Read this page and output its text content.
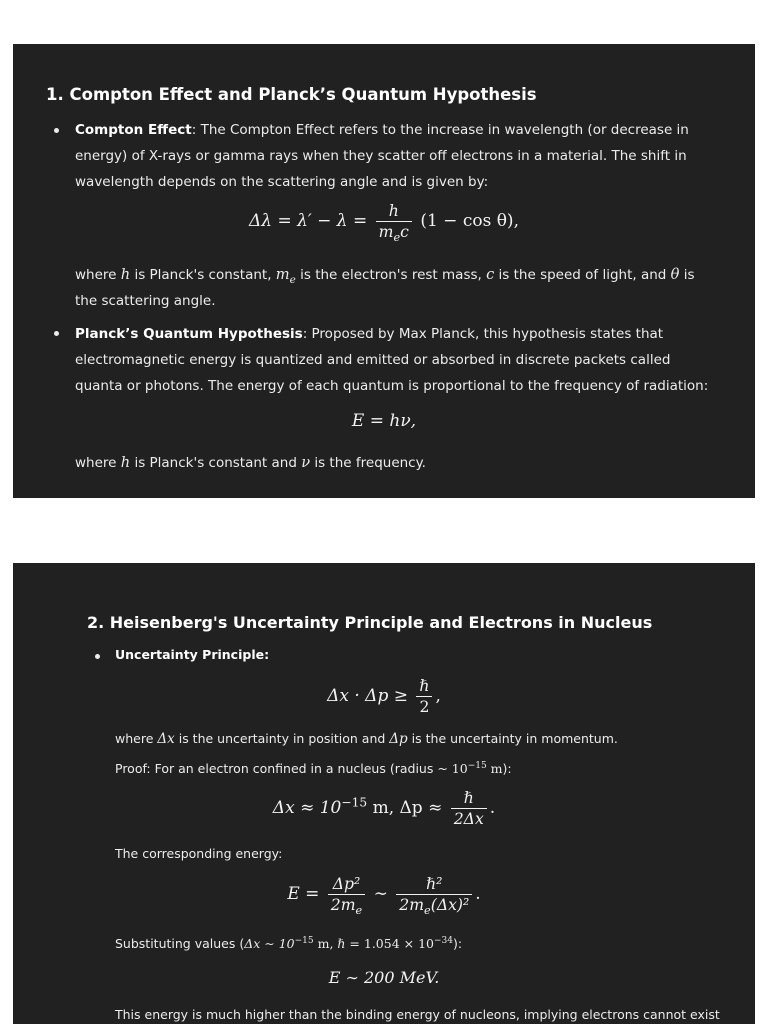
1. Compton Effect and Planck’s Quantum Hypothesis

Compton Effect: The Compton Effect refers to the increase in wavelength (or decrease in energy) of X-rays or gamma rays when they scatter off electrons in a material. The shift in wavelength depends on the scattering angle and is given by:

$\Delta\lambda = \lambda' - \lambda = \frac{h}{m_ec} (1 - \cos \theta)$,

where h is Planck's constant, $m_e$ is the electron's rest mass, c is the speed of light, and θ is the scattering angle.

Planck’s Quantum Hypothesis: Proposed by Max Planck, this hypothesis states that electromagnetic energy is quantized and emitted or absorbed in discrete packets called quanta or photons. The energy of each quantum is proportional to the frequency of radiation:

E = hν,

where h is Planck's constant and ν is the frequency.

2. Heisenberg's Uncertainty Principle and Electrons in Nucleus

Uncertainty Principle:

$\Delta x \cdot \Delta p \ge \frac{\text{ℏ}}{2}$ ,

where Δx is the uncertainty in position and Δp is the uncertainty in momentum.

Proof: For an electron confined in a nucleus (radius ~ $10^{-15}$ m):

$\Delta x \approx 10^{-15}$ m, $\Delta p \approx \frac{\text{ℏ}}{2\Delta x}$ .

The corresponding energy:

$E = \frac{\text{Δp²}}{2m_e}$ ∼ $\frac{\text{ℏ²}}{2m_e(\Delta x)^2}$ .

Substituting values (Δx ∼ $10^{-15}$ m, ℏ = $1.054 \times 10^{-34}$):

E ∼ 200 MeV.

This energy is much higher than the binding energy of nucleons, implying electrons cannot exist
